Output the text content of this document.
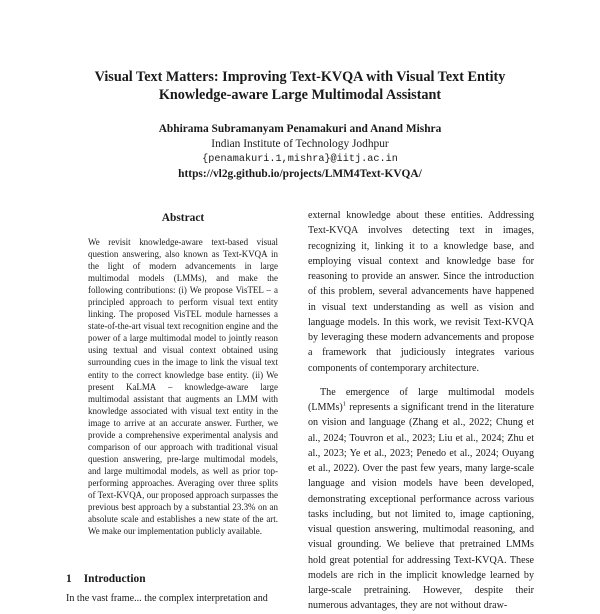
Visual Text Matters: Improving Text-KVQA with Visual Text Entity
Knowledge-aware Large Multimodal Assistant
Abhirama Subramanyam Penamakuri and Anand Mishra
Indian Institute of Technology Jodhpur
{penamakuri.1,mishra}@iitj.ac.in
https://vl2g.github.io/projects/LMM4Text-KVQA/
Abstract
We revisit knowledge-aware text-based visual question answering, also known as Text-KVQA in the light of modern advancements in large multimodal models (LMMs), and make the following contributions: (i) We propose VisTEL – a principled approach to perform visual text entity linking. The proposed VisTEL module harnesses a state-of-the-art visual text recognition engine and the power of a large multimodal model to jointly reason using textual and visual context obtained using surrounding cues in the image to link the visual text entity to the correct knowledge base entity. (ii) We present KaLMA – knowledge-aware large multimodal assistant that augments an LMM with knowledge associated with visual text entity in the image to arrive at an accurate answer. Further, we provide a comprehensive experimental analysis and comparison of our approach with traditional visual question answering, pre-large multimodal models, and large multimodal models, as well as prior top-performing approaches. Averaging over three splits of Text-KVQA, our proposed approach surpasses the previous best approach by a substantial 23.3% on an absolute scale and establishes a new state of the art. We make our implementation publicly available.
1 Introduction
In the vast frame... the complex interpretation and

external knowledge about these entities. Addressing Text-KVQA involves detecting text in images, recognizing it, linking it to a knowledge base, and employing visual context and knowledge base for reasoning to provide an answer. Since the introduction of this problem, several advancements have happened in visual text understanding as well as vision and language models. In this work, we revisit Text-KVQA by leveraging these modern advancements and propose a framework that judiciously integrates various components of contemporary architecture.

The emergence of large multimodal models (LMMs)$^1$ represents a significant trend in the literature on vision and language (Zhang et al., 2022; Chung et al., 2024; Touvron et al., 2023; Liu et al., 2024; Zhu et al., 2023; Ye et al., 2023; Penedo et al., 2024; Ouyang et al., 2022). Over the past few years, many large-scale language and vision models have been developed, demonstrating exceptional performance across various tasks including, but not limited to, image captioning, visual question answering, multimodal reasoning, and visual grounding. We believe that pretrained LMMs hold great potential for addressing Text-KVQA. These models are rich in the implicit knowledge learned by large-scale pretraining. However, despite their numerous advantages, they are not without draw-
